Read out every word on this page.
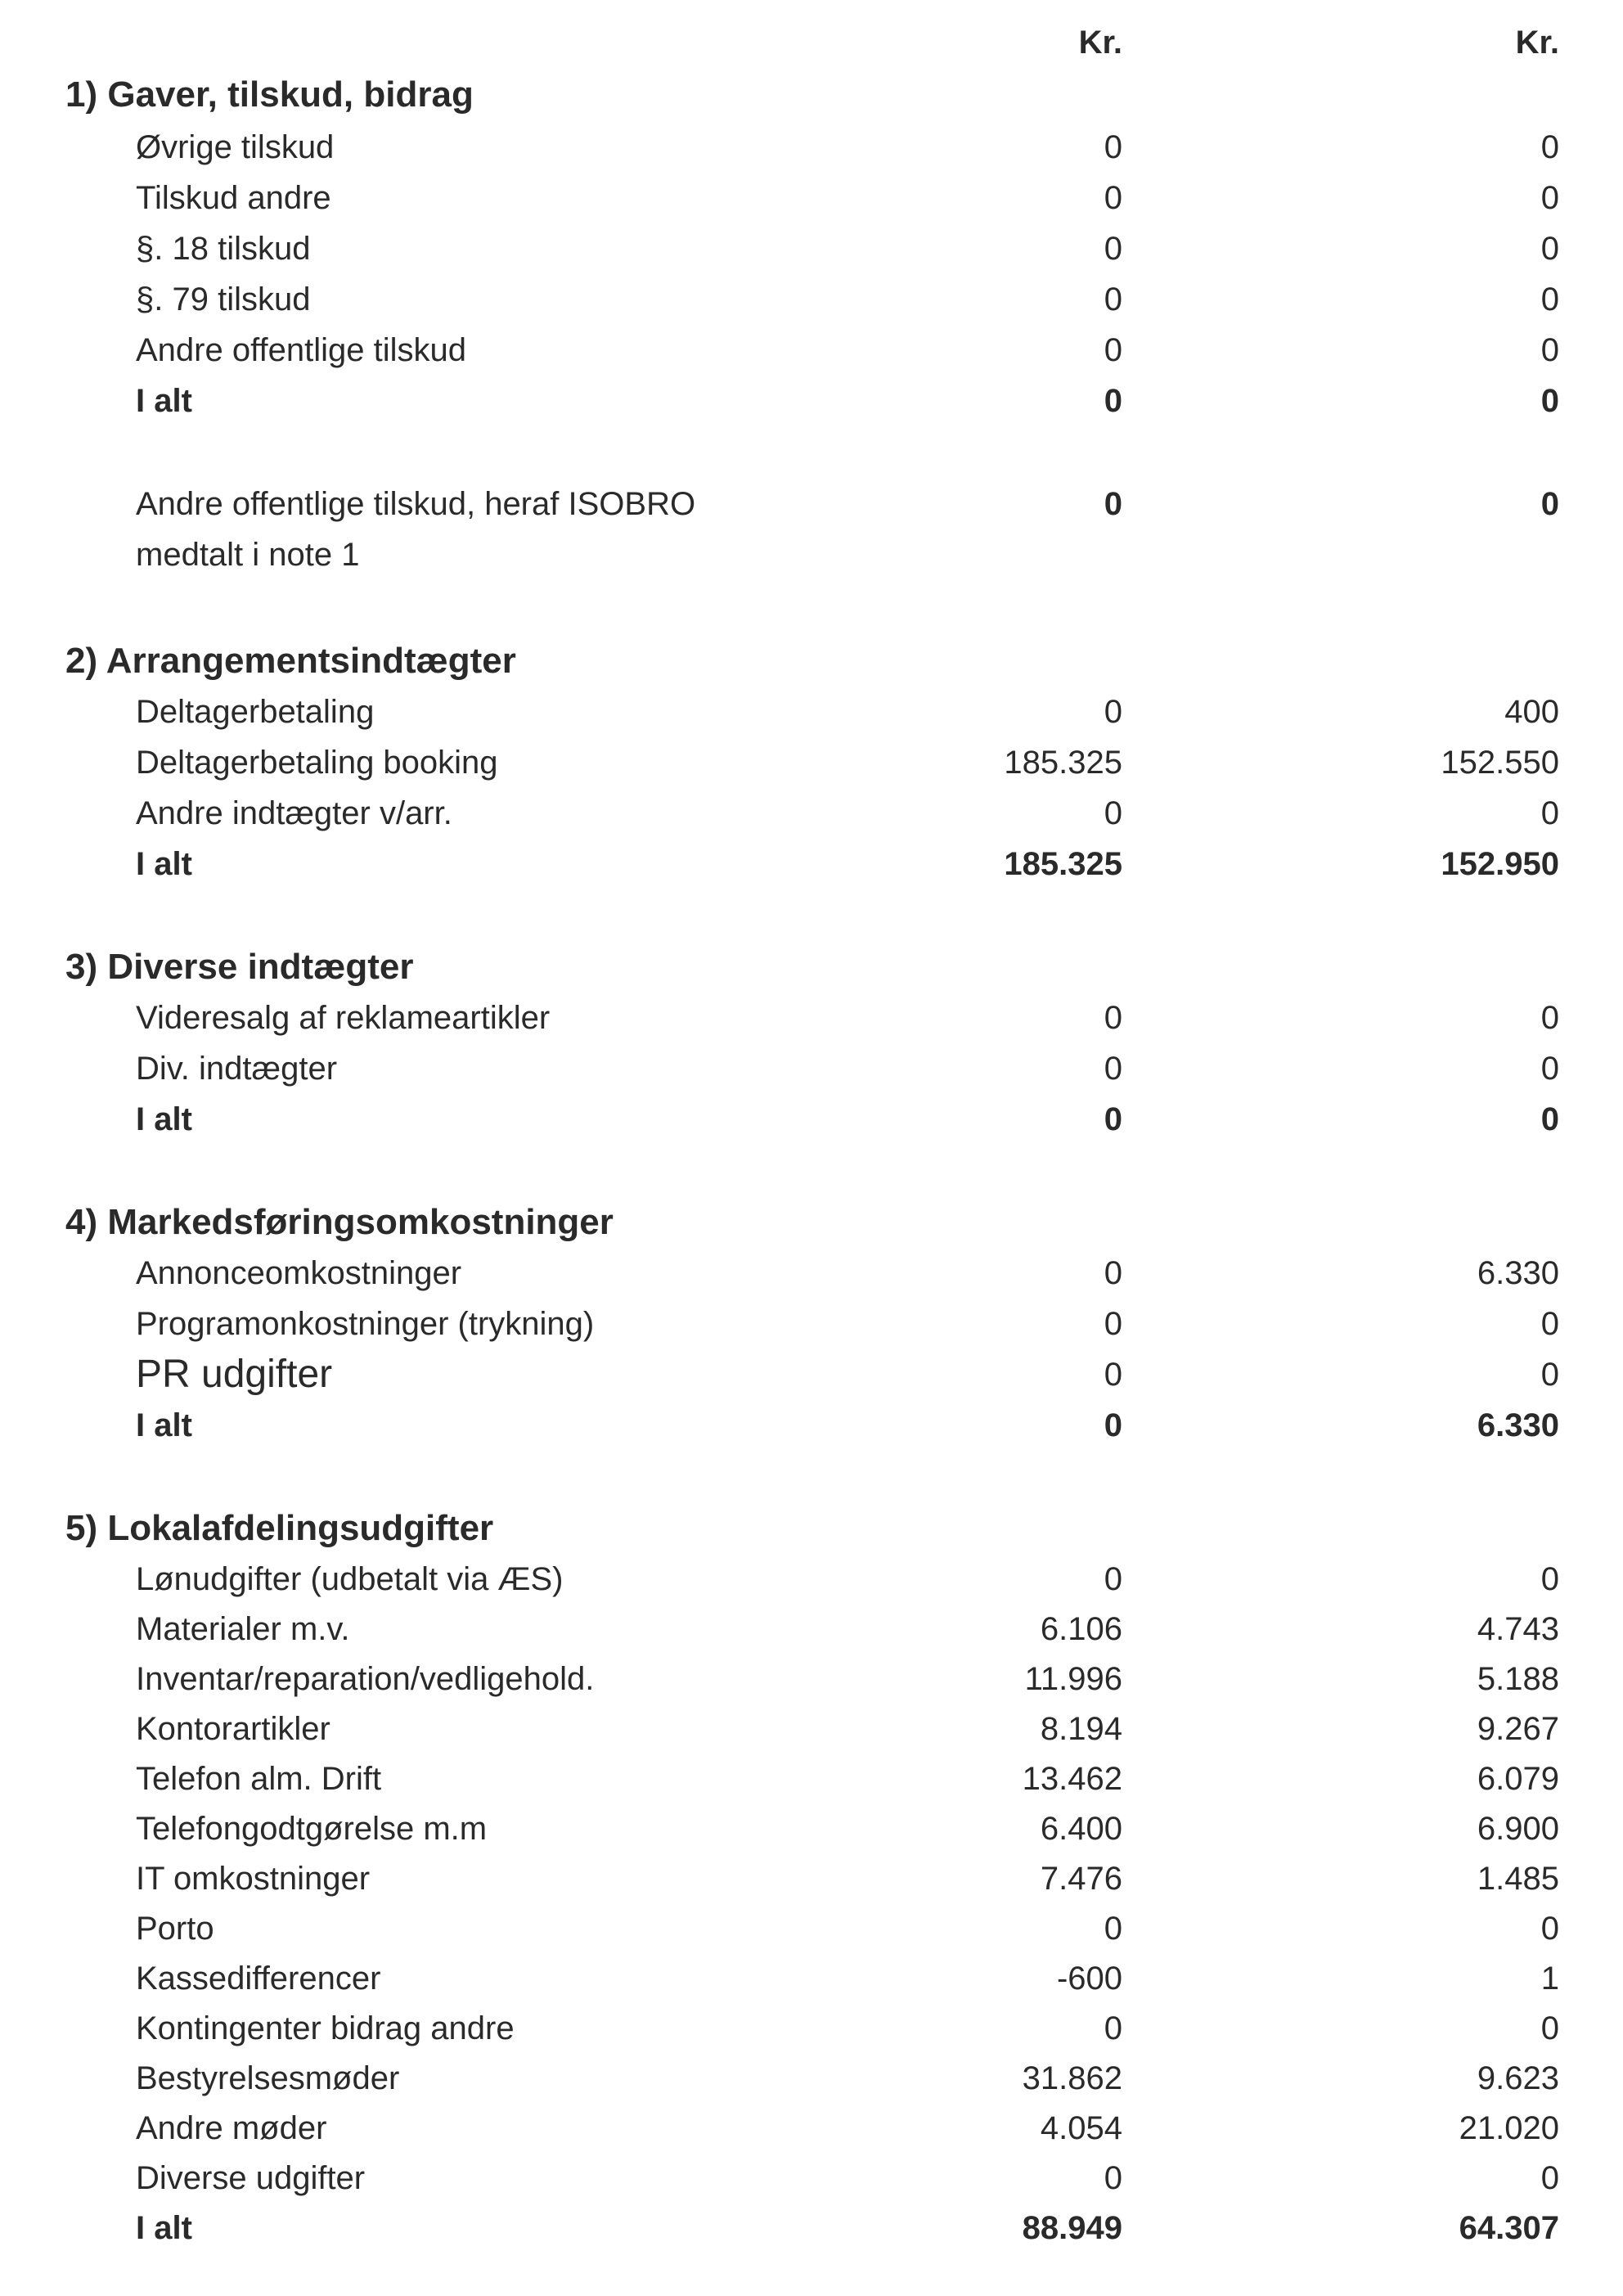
Kr.	Kr.
1) Gaver, tilskud, bidrag
Øvrige tilskud	0	0
Tilskud andre	0	0
§. 18 tilskud	0	0
§. 79 tilskud	0	0
Andre offentlige tilskud	0	0
I alt	0	0
Andre offentlige tilskud, heraf ISOBRO	0	0
medtalt i note 1
2) Arrangementsindtægter
Deltagerbetaling	0	400
Deltagerbetaling booking	185.325	152.550
Andre indtægter v/arr.	0	0
I alt	185.325	152.950
3) Diverse indtægter
Videresalg af reklameartikler	0	0
Div. indtægter	0	0
I alt	0	0
4) Markedsføringsomkostninger
Annonceomkostninger	0	6.330
Programonkostninger (trykning)	0	0
PR udgifter	0	0
I alt	0	6.330
5) Lokalafdelingsudgifter
Lønudgifter (udbetalt via ÆS)	0	0
Materialer m.v.	6.106	4.743
Inventar/reparation/vedligehold.	11.996	5.188
Kontorartikler	8.194	9.267
Telefon alm. Drift	13.462	6.079
Telefongodtgørelse m.m	6.400	6.900
IT omkostninger	7.476	1.485
Porto	0	0
Kassedifferencer	-600	1
Kontingenter bidrag andre	0	0
Bestyrelsesmøder	31.862	9.623
Andre møder	4.054	21.020
Diverse udgifter	0	0
I alt	88.949	64.307
